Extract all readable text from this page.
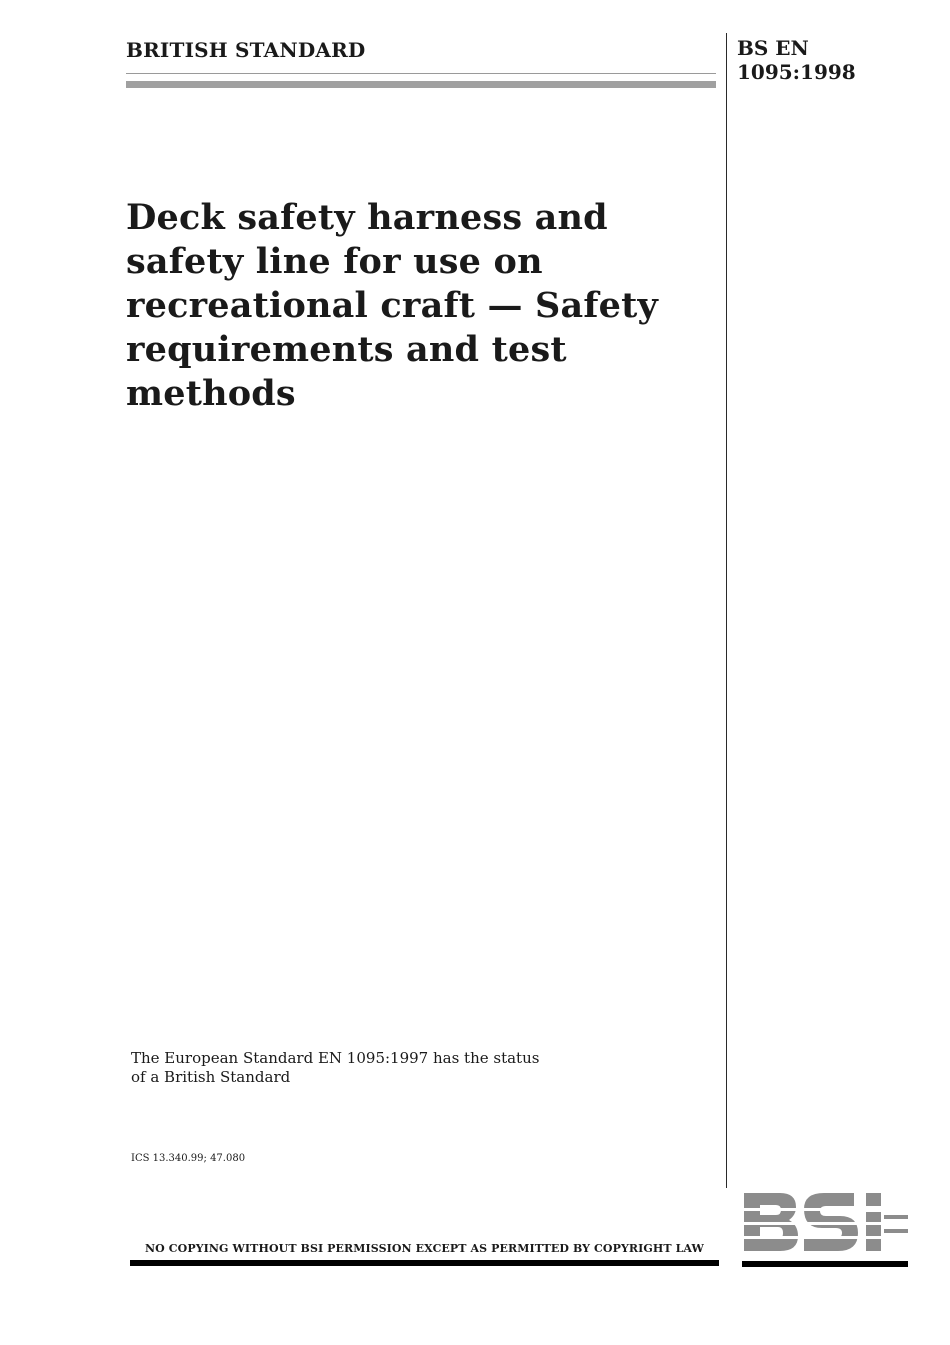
BRITISH STANDARD	BS EN
1095:1998
Deck safety harness and safety line for use on recreational craft — Safety requirements and test methods
The European Standard EN 1095:1997 has the status of a British Standard
ICS 13.340.99; 47.080
NO COPYING WITHOUT BSI PERMISSION EXCEPT AS PERMITTED BY COPYRIGHT LAW
